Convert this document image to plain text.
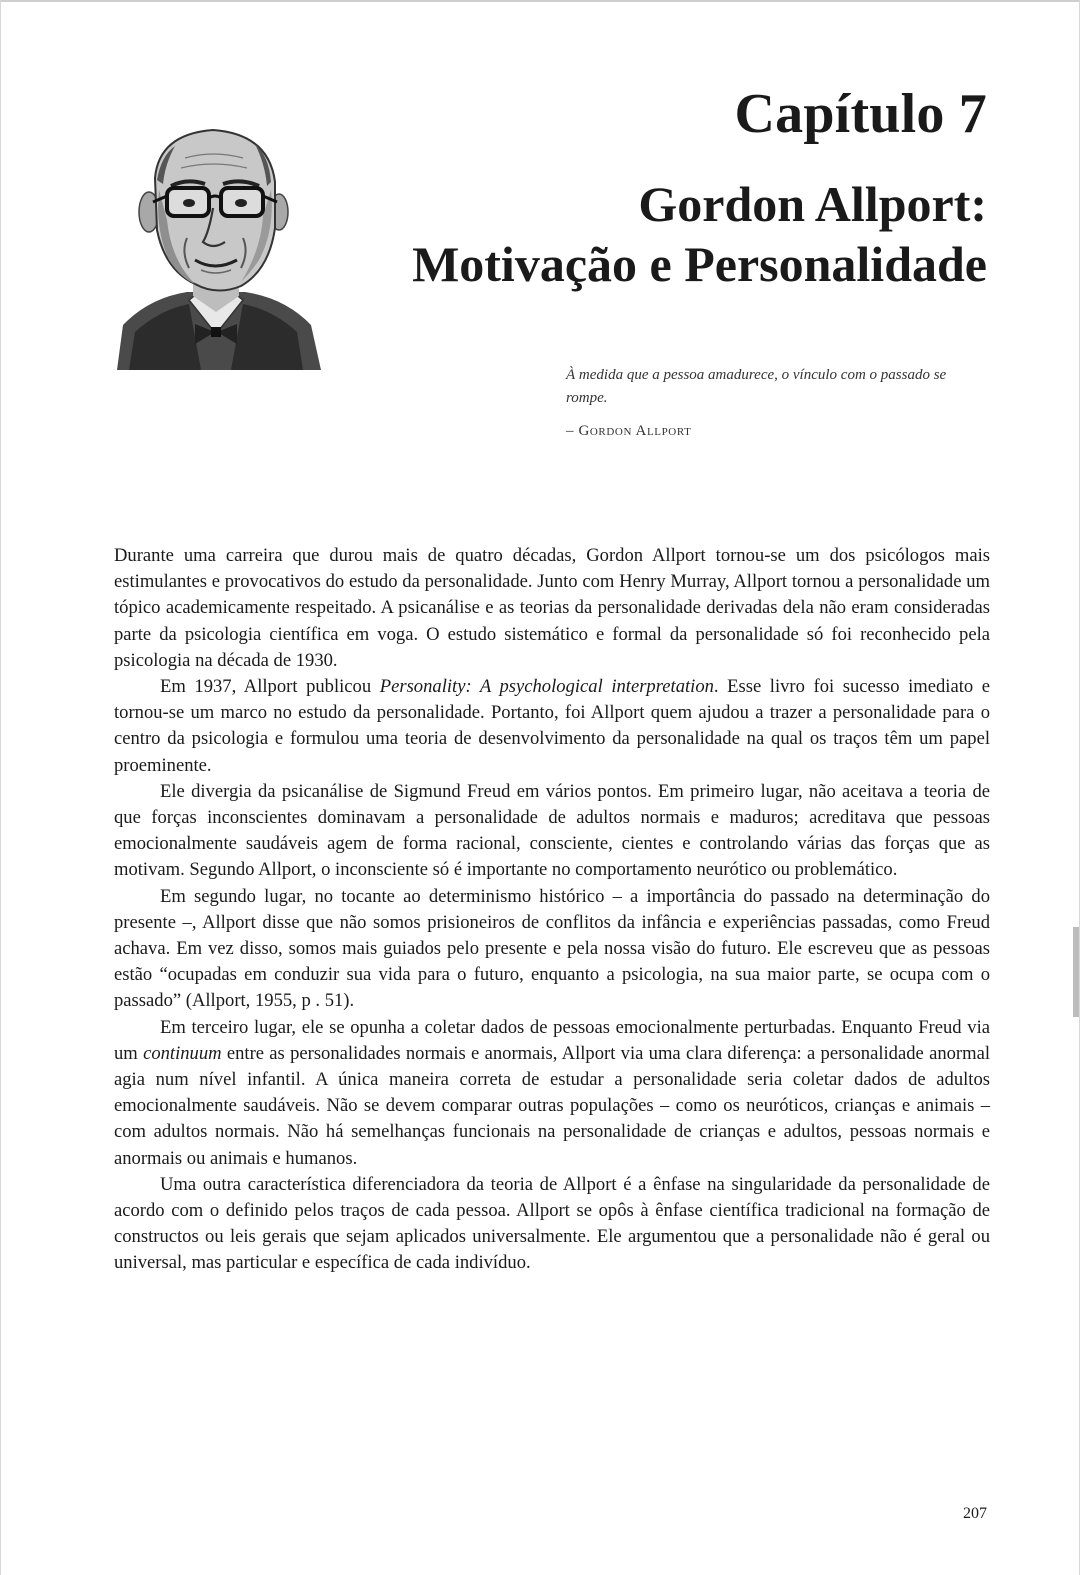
Capítulo 7
Gordon Allport:
Motivação e Personalidade
À medida que a pessoa amadurece, o vínculo com o passado se rompe.
– Gordon Allport

Durante uma carreira que durou mais de quatro décadas, Gordon Allport tornou-se um dos psicólogos mais estimulantes e provocativos do estudo da personalidade. Junto com Henry Murray, Allport tornou a personalidade um tópico academicamente respeitado. A psicanálise e as teorias da personalidade derivadas dela não eram consideradas parte da psicologia científica em voga. O estudo sistemático e formal da personalidade só foi reconhecido pela psicologia na década de 1930.

Em 1937, Allport publicou Personality: A psychological interpretation. Esse livro foi sucesso imediato e tornou-se um marco no estudo da personalidade. Portanto, foi Allport quem ajudou a trazer a personalidade para o centro da psicologia e formulou uma teoria de desenvolvimento da personalidade na qual os traços têm um papel proeminente.

Ele divergia da psicanálise de Sigmund Freud em vários pontos. Em primeiro lugar, não aceitava a teoria de que forças inconscientes dominavam a personalidade de adultos normais e maduros; acreditava que pessoas emocionalmente saudáveis agem de forma racional, consciente, cientes e controlando várias das forças que as motivam. Segundo Allport, o inconsciente só é importante no comportamento neurótico ou problemático.

Em segundo lugar, no tocante ao determinismo histórico – a importância do passado na determinação do presente –, Allport disse que não somos prisioneiros de conflitos da infância e experiências passadas, como Freud achava. Em vez disso, somos mais guiados pelo presente e pela nossa visão do futuro. Ele escreveu que as pessoas estão “ocupadas em conduzir sua vida para o futuro, enquanto a psicologia, na sua maior parte, se ocupa com o passado” (Allport, 1955, p . 51).

Em terceiro lugar, ele se opunha a coletar dados de pessoas emocionalmente perturbadas. Enquanto Freud via um continuum entre as personalidades normais e anormais, Allport via uma clara diferença: a personalidade anormal agia num nível infantil. A única maneira correta de estudar a personalidade seria coletar dados de adultos emocionalmente saudáveis. Não se devem comparar outras populações – como os neuróticos, crianças e animais – com adultos normais. Não há semelhanças funcionais na personalidade de crianças e adultos, pessoas normais e anormais ou animais e humanos.

Uma outra característica diferenciadora da teoria de Allport é a ênfase na singularidade da personalidade de acordo com o definido pelos traços de cada pessoa. Allport se opôs à ênfase científica tradicional na formação de constructos ou leis gerais que sejam aplicados universalmente. Ele argumentou que a personalidade não é geral ou universal, mas particular e específica de cada indivíduo.

207
